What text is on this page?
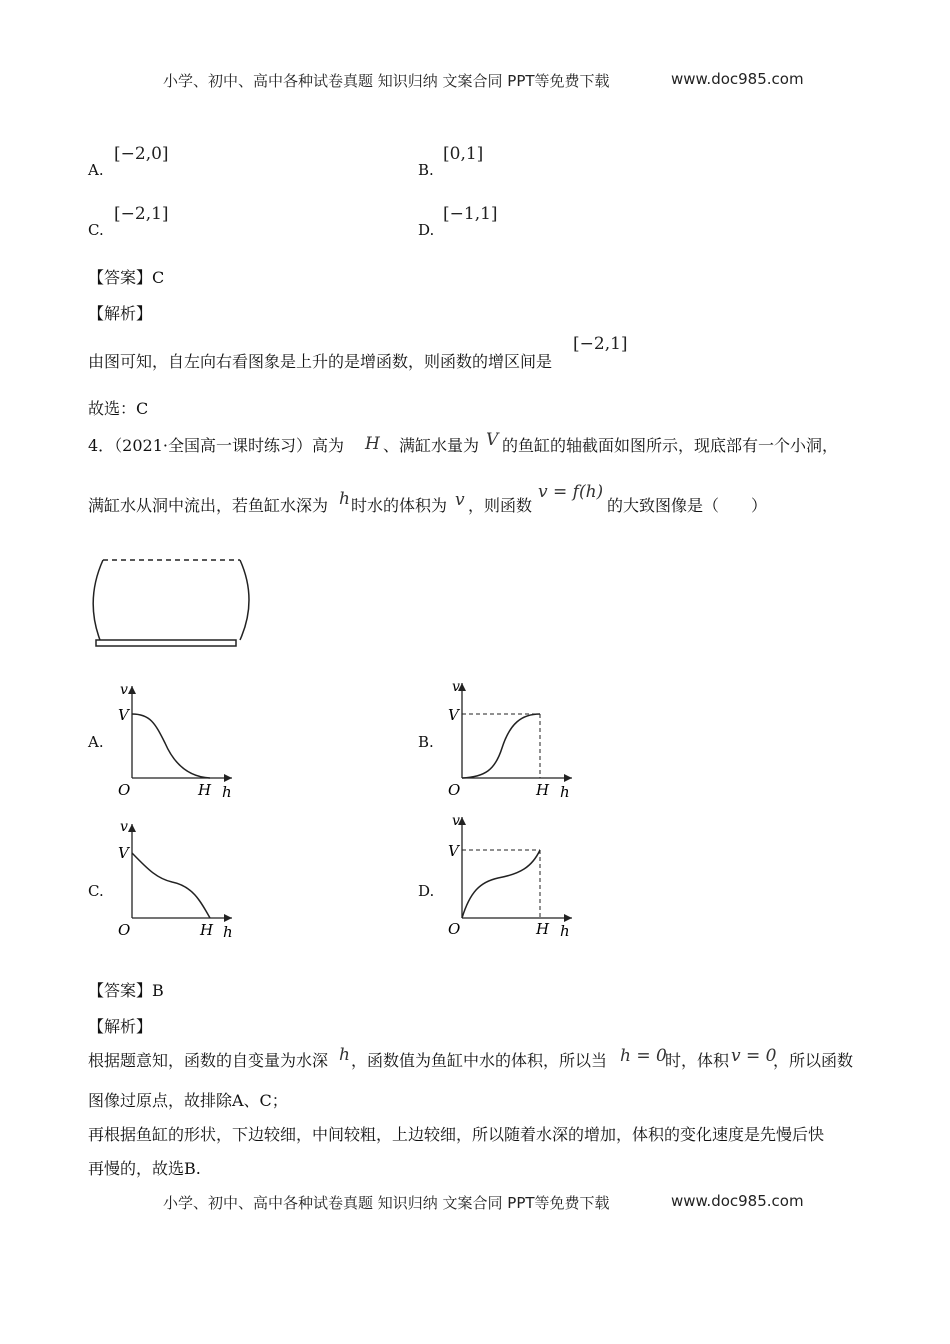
小学、初中、高中各种试卷真题 知识归纳 文案合同 PPT等免费下载	www.doc985.com
A.
[−2,0]
B.
[0,1]
C.
[−2,1]
D.
[−1,1]
【答案】C
【解析】
由图可知，自左向右看图象是上升的是增函数，则函数的增区间是
[−2,1]
故选：C
4．（2021·全国高一课时练习）高为 H 、满缸水量为 V 的鱼缸的轴截面如图所示，现底部有一个小洞，
满缸水从洞中流出，若鱼缸水深为 h 时水的体积为 v ，则函数
v = f(h)
的大致图像是（　　）
A.	B.
C.	D.
v
V
O	H h
v
V
O	H h
v
V
O	H h
v
V
O	H h
【答案】B
【解析】
根据题意知，函数的自变量为水深 h ，函数值为鱼缸中水的体积，所以当 h = 0
时，体积 v = 0
，所以函数
图像过原点，故排除A、C；
再根据鱼缸的形状，下边较细，中间较粗，上边较细，所以随着水深的增加，体积的变化速度是先慢后快
再慢的，故选B.
小学、初中、高中各种试卷真题 知识归纳 文案合同 PPT等免费下载	www.doc985.com
